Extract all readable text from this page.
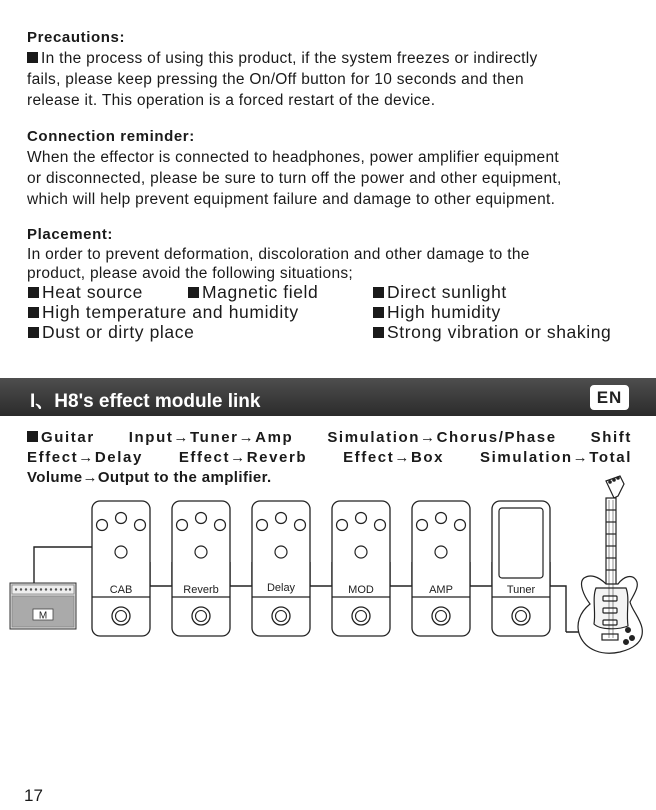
Precautions:
In the process of using this product, if the system freezes or indirectly
fails, please keep pressing the On/Off button for 10 seconds and then
release it. This operation is a forced restart of the device.
Connection reminder:
When the effector is connected to headphones, power amplifier equipment
or disconnected, please be sure to turn off the power and other equipment,
which will help prevent equipment failure and damage to other equipment.
Placement:
In order to prevent deformation, discoloration and other damage to the
product, please avoid the following situations;
Heat source	Magnetic field	Direct sunlight
High temperature and humidity	High humidity
Dust or dirty place	Strong vibration or shaking
I、H8's effect module link	EN
Guitar Input→Tuner→Amp Simulation→Chorus/Phase Shift
Effect→Delay Effect→Reverb Effect→Box Simulation→Total
Volume→Output to the amplifier.
M
CAB	Reverb	Delay	MOD	AMP	Tuner
17
